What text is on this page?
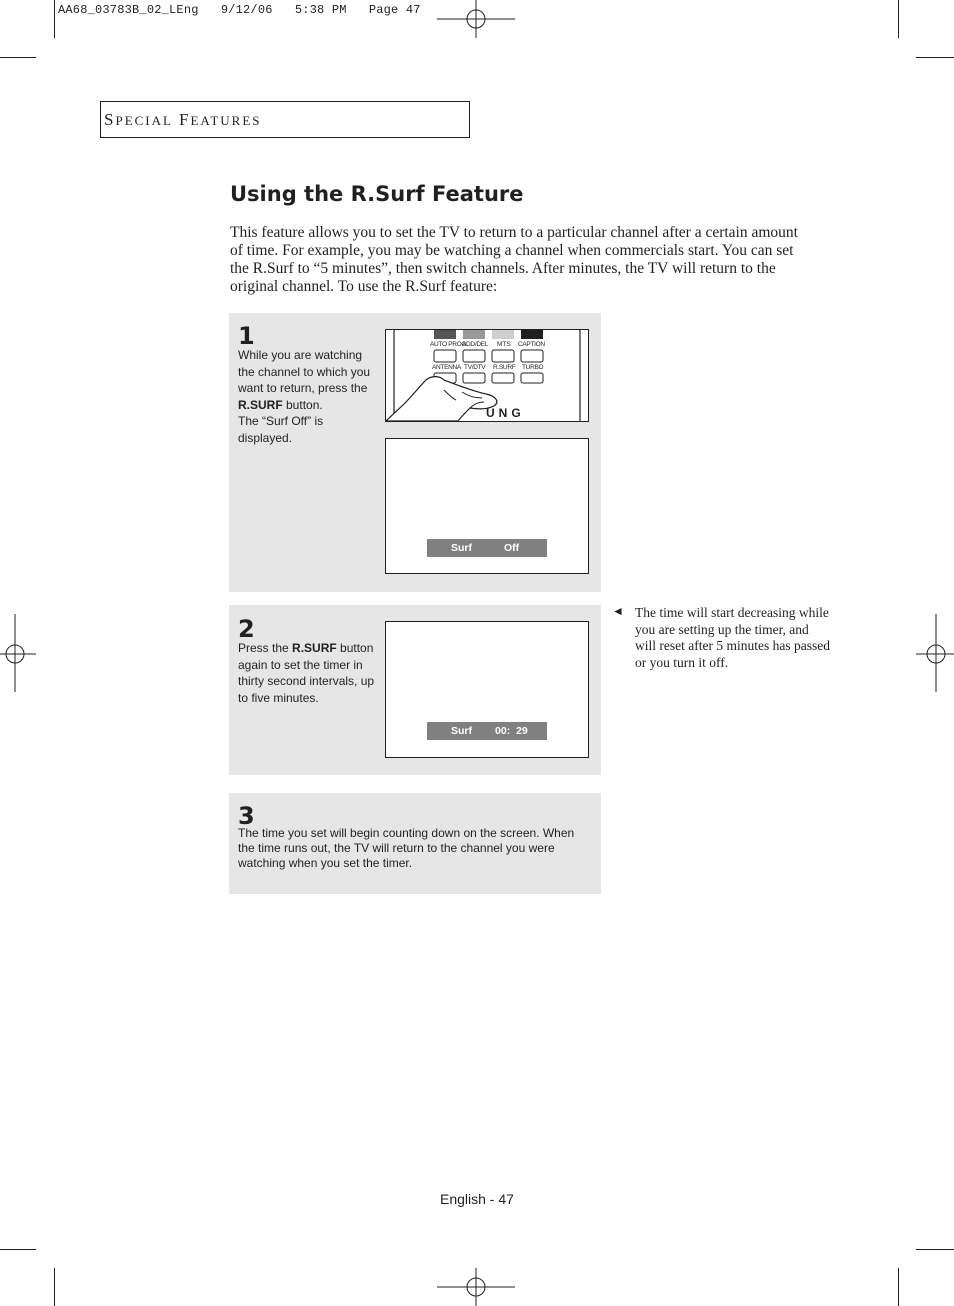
AA68_03783B_02_LEng   9/12/06   5:38 PM   Page 47
SPECIAL FEATURES
Using the R.Surf Feature
This feature allows you to set the TV to return to a particular channel after a certain amount of time. For example, you may be watching a channel when commercials start. You can set the R.Surf to “5 minutes”, then switch channels. After minutes, the TV will return to the original channel. To use the R.Surf feature:
1
While you are watching the channel to which you want to return, press the R.SURF button.
The “Surf Off” is displayed.
AUTO PROG.
ADD/DEL MTS CAPTION
ANTENNA TV/DTV R.SURF TURBO
UNG
Surf	Off
2
Press the R.SURF button again to set the timer in thirty second intervals, up to five minutes.
Surf 00:  29
3
The time you set will begin counting down on the screen. When the time runs out, the TV will return to the channel you were watching when you set the timer.
◄ The time will start decreasing while you are setting up the timer, and will reset after 5 minutes has passed or you turn it off.
English - 47
